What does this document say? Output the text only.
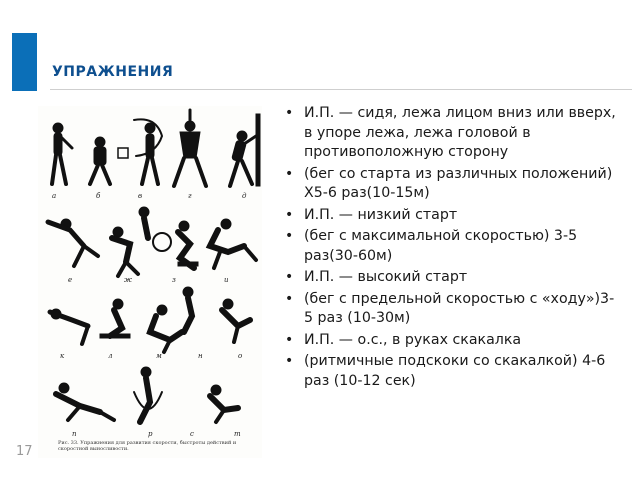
УПРАЖНЕНИЯ
а	б	в	г	д
е	ж	з	и
к	л	м	н	о
п	р	с	т
Рис. 33. Упражнения для развития скорости, быстроты действий и скоростной выносливости.
• И.П. — сидя, лежа лицом вниз или вверх, в упоре лежа, лежа головой в противоположную сторону
• (бег со старта из различных положений) Х5-6 раз(10-15м)
• И.П. — низкий старт
• (бег с максимальной скоростью) 3-5 раз(30-60м)
• И.П. — высокий старт
• (бег с предельной скоростью с «ходу»)3-5 раз (10-30м)
• И.П. — о.с., в руках скакалка
• (ритмичные подскоки со скакалкой) 4-6 раз (10-12 сек)
17
